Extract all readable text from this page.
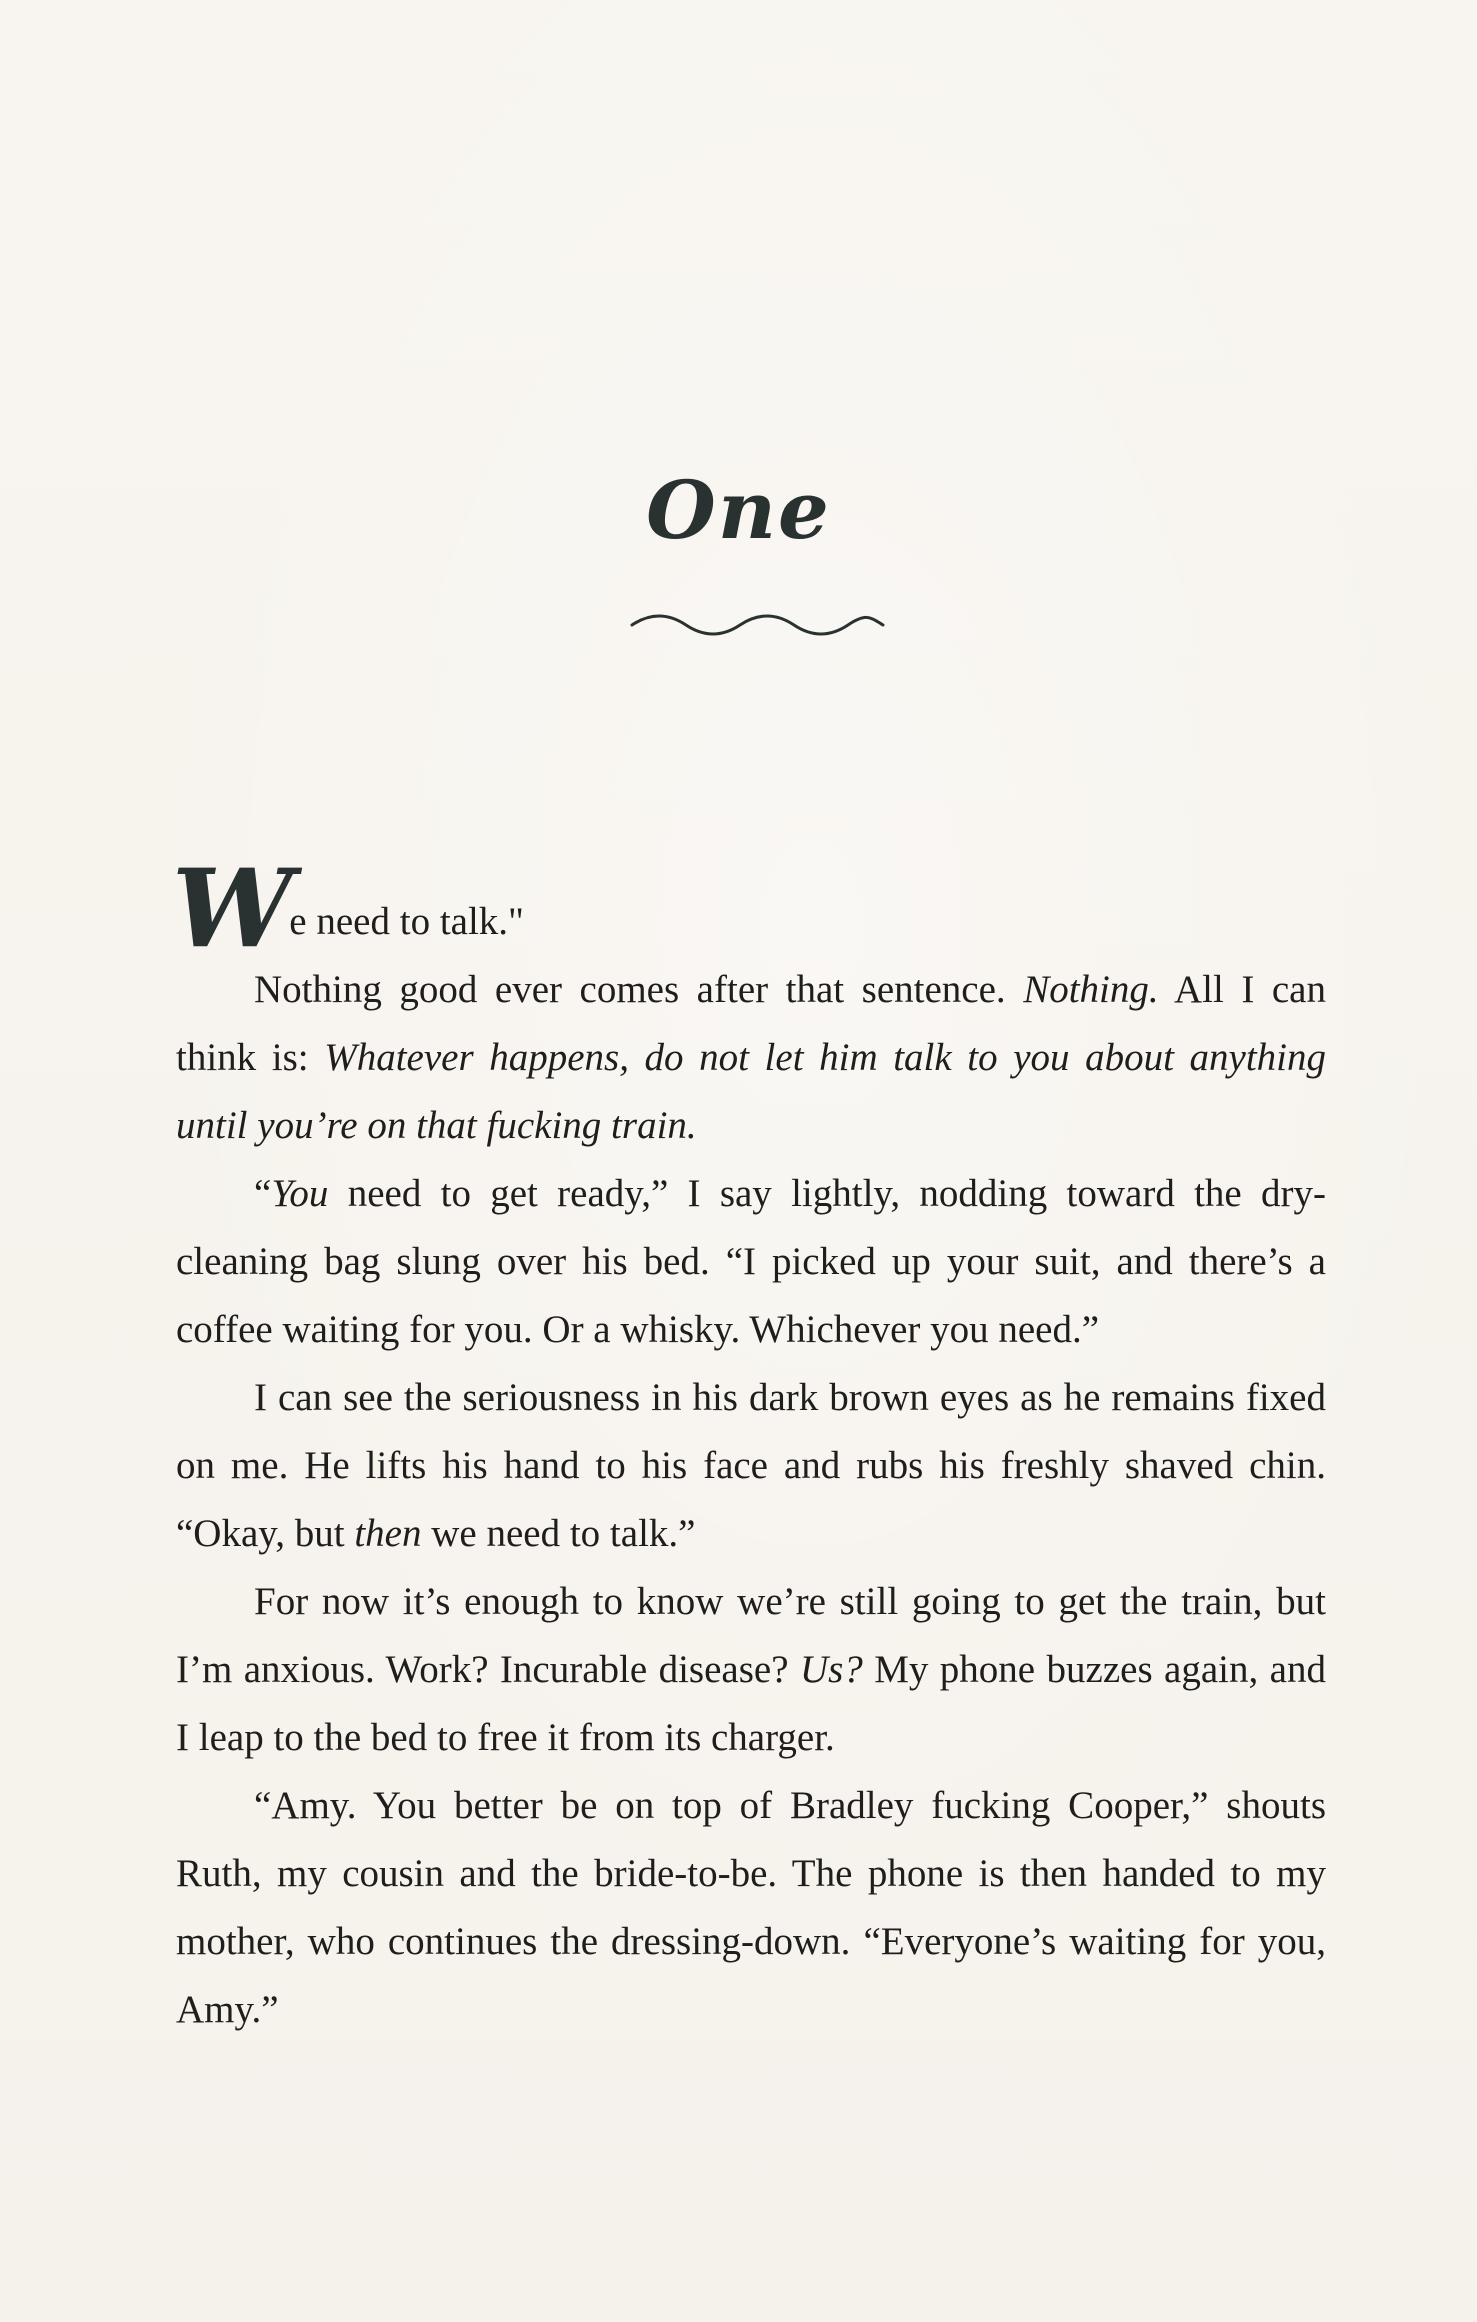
One

W e need to talk."

Nothing good ever comes after that sentence. Nothing. All I can think is: Whatever happens, do not let him talk to you about anything until you’re on that fucking train.

“You need to get ready,” I say lightly, nodding toward the dry-cleaning bag slung over his bed. “I picked up your suit, and there’s a coffee waiting for you. Or a whisky. Whichever you need.”

I can see the seriousness in his dark brown eyes as he remains fixed on me. He lifts his hand to his face and rubs his freshly shaved chin. “Okay, but then we need to talk.”

For now it’s enough to know we’re still going to get the train, but I’m anxious. Work? Incurable disease? Us? My phone buzzes again, and I leap to the bed to free it from its charger.

“Amy. You better be on top of Bradley fucking Cooper,” shouts Ruth, my cousin and the bride-to-be. The phone is then handed to my mother, who continues the dressing-down. “Everyone’s waiting for you, Amy.”
